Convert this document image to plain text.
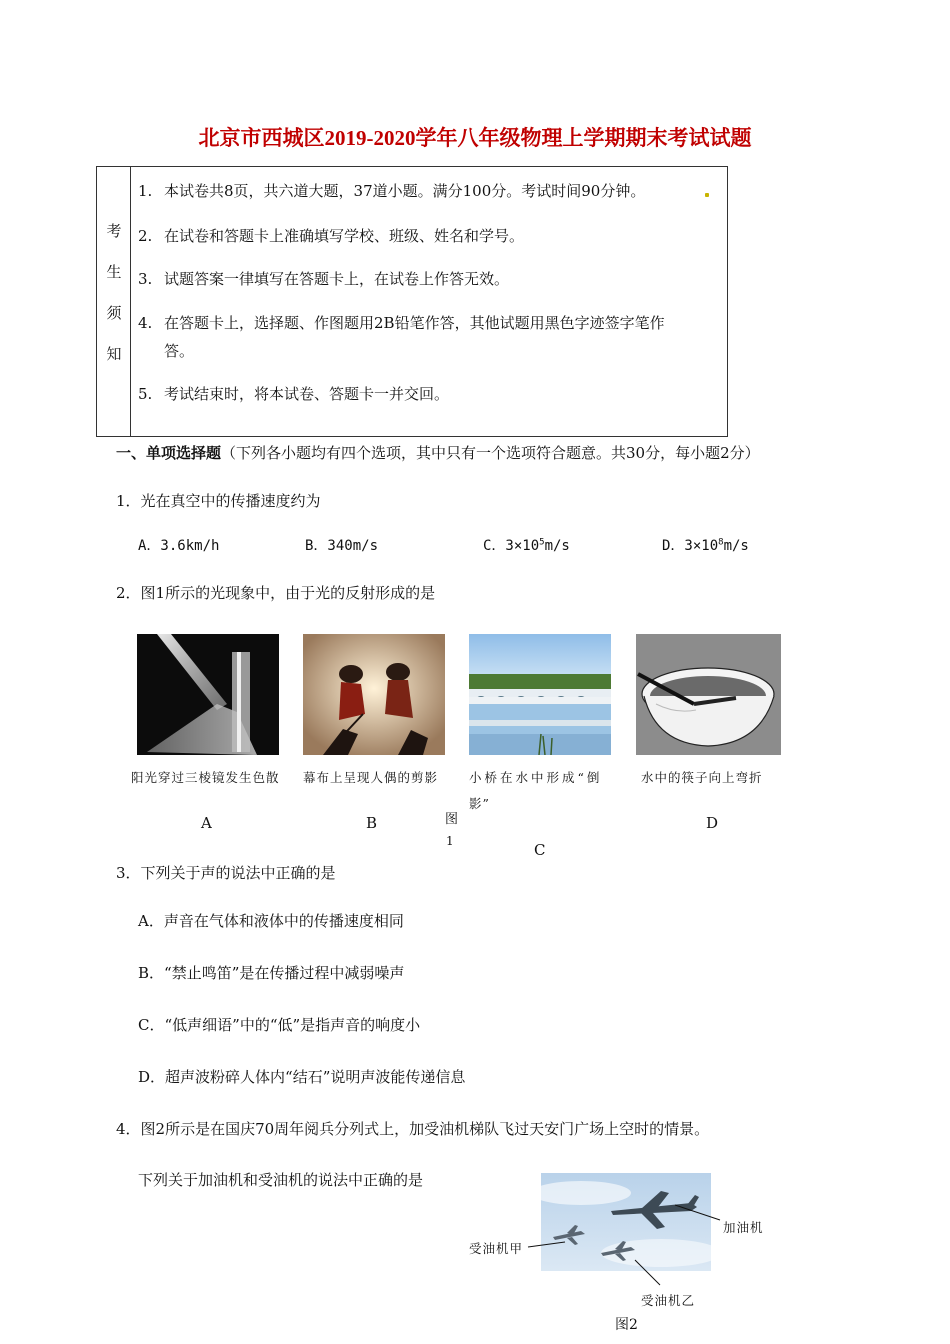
北京市西城区2019-2020学年八年级物理上学期期末考试试题
考
生
须
知
1. 本试卷共8页，共六道大题，37道小题。满分100分。考试时间90分钟。
2. 在试卷和答题卡上准确填写学校、班级、姓名和学号。
3. 试题答案一律填写在答题卡上，在试卷上作答无效。
4. 在答题卡上，选择题、作图题用2B铅笔作答，其他试题用黑色字迹签字笔作
答。
5. 考试结束时，将本试卷、答题卡一并交回。
一、单项选择题（下列各小题均有四个选项，其中只有一个选项符合题意。共30分，每小题2分）
1．光在真空中的传播速度约为
A．3.6km/h	B．340m/s	C．$3\times 10^5m/s$	D．$3\times 10^8m/s$
2．图1所示的光现象中，由于光的反射形成的是
阳光穿过三棱镜发生色散 幕布上呈现人偶的剪影 小桥在水中形成“倒
影”
水中的筷子向上弯折
A	B
C
D
图
1
3．下列关于声的说法中正确的是
A．声音在气体和液体中的传播速度相同
B．“禁止鸣笛”是在传播过程中减弱噪声
C．“低声细语”中的“低”是指声音的响度小
D．超声波粉碎人体内“结石”说明声波能传递信息
4．图2所示是在国庆70周年阅兵分列式上，加受油机梯队飞过天安门广场上空时的情景。
下列关于加油机和受油机的说法中正确的是
加油机
受油机甲
受油机乙
图2
